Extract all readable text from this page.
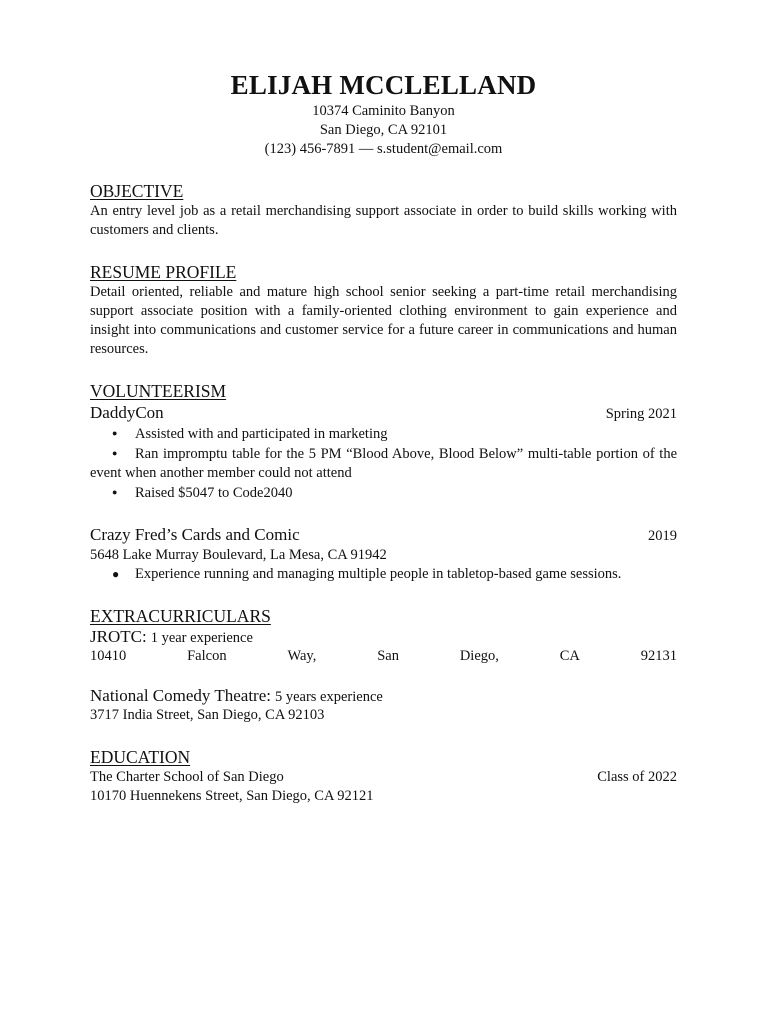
ELIJAH MCCLELLAND
10374 Caminito Banyon
San Diego, CA 92101
(123) 456-7891 — s.student@email.com
OBJECTIVE

An entry level job as a retail merchandising support associate in order to build skills working with customers and clients.

RESUME PROFILE

Detail oriented, reliable and mature high school senior seeking a part-time retail merchandising support associate position with a family-oriented clothing environment to gain experience and insight into communications and customer service for a future career in communications and human resources.

VOLUNTEERISM
DaddyCon	Spring 2021
● Assisted with and participated in marketing
● Ran impromptu table for the 5 PM “Blood Above, Blood Below” multi-table portion of the event when another member could not attend
● Raised $5047 to Code2040
Crazy Fred’s Cards and Comic	2019
5648 Lake Murray Boulevard, La Mesa, CA 91942
● Experience running and managing multiple people in tabletop-based game sessions.
EXTRACURRICULARS
JROTC: 1 year experience
10410	Falcon	Way,	San	Diego,	CA	92131
National Comedy Theatre: 5 years experience
3717 India Street, San Diego, CA 92103
EDUCATION
The Charter School of San Diego	Class of 2022
10170 Huennekens Street, San Diego, CA 92121
